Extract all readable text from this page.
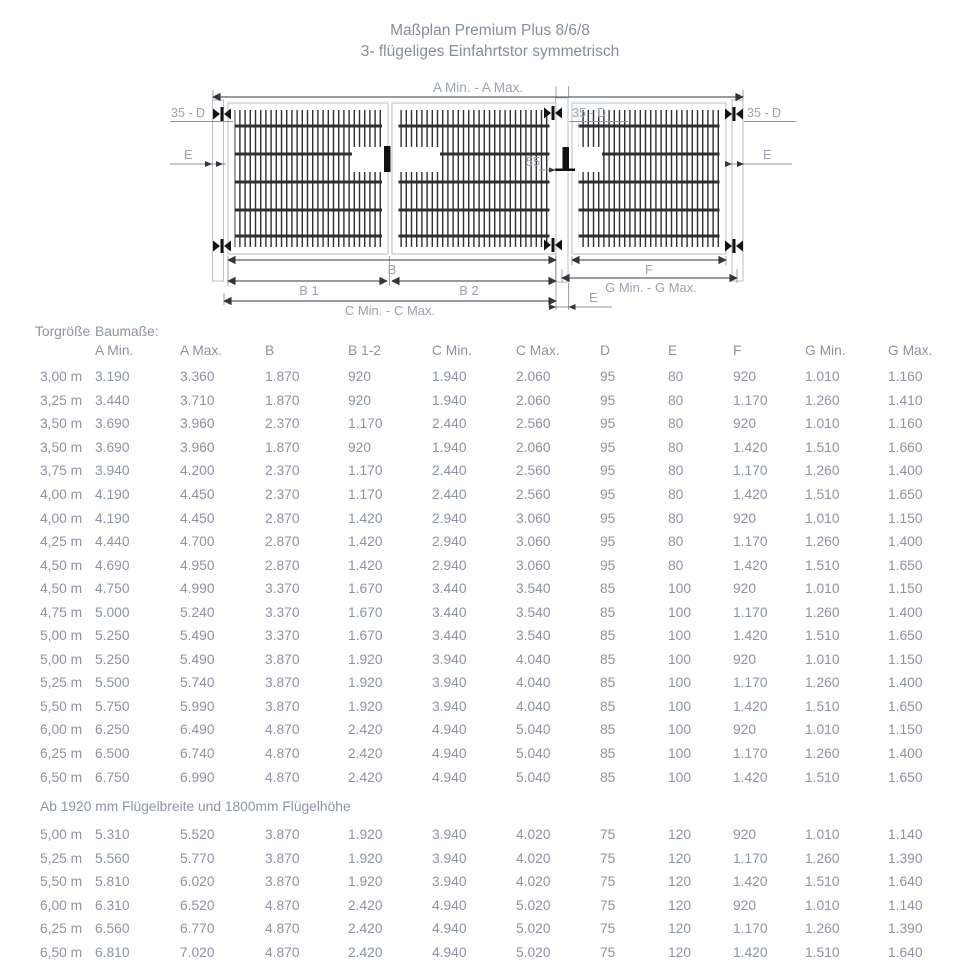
Maßplan Premium Plus 8/6/8
3- flügeliges Einfahrtstor symmetrisch
A Min. - A Max.
35 - D	35 - D	35 - D
E	E
55
B	F
B 1	B 2	G Min. - G Max.
C Min. - C Max.
E
Torgröße Baumaße:
A Min.	A Max.	B	B 1-2	C Min.	C Max.	D	E	F	G Min.	G Max.
3,00 m 3.190	3.360	1.870	920	1.940	2.060	95	80	920	1.010	1.160
3,25 m 3.440	3.710	1.870	920	1.940	2.060	95	80	1.170	1.260	1.410
3,50 m 3.690	3.960	2.370	1.170	2.440	2.560	95	80	920	1.010	1.160
3,50 m 3.690	3.960	1.870	920	1.940	2.060	95	80	1.420	1.510	1.660
3,75 m 3.940	4.200	2.370	1.170	2.440	2.560	95	80	1.170	1.260	1.400
4,00 m 4.190	4.450	2.370	1.170	2.440	2.560	95	80	1.420	1.510	1.650
4,00 m 4.190	4.450	2.870	1.420	2.940	3.060	95	80	920	1.010	1.150
4,25 m 4.440	4.700	2.870	1.420	2.940	3.060	95	80	1.170	1.260	1.400
4,50 m 4.690	4.950	2.870	1.420	2.940	3.060	95	80	1.420	1.510	1.650
4,50 m 4.750	4.990	3.370	1.670	3.440	3.540	85	100	920	1.010	1.150
4,75 m 5.000	5.240	3.370	1.670	3.440	3.540	85	100	1.170	1.260	1.400
5,00 m 5.250	5.490	3.370	1.670	3.440	3.540	85	100	1.420	1.510	1.650
5,00 m 5.250	5.490	3.870	1.920	3.940	4.040	85	100	920	1.010	1.150
5,25 m 5.500	5.740	3.870	1.920	3.940	4.040	85	100	1.170	1.260	1.400
5,50 m 5.750	5.990	3.870	1.920	3.940	4.040	85	100	1.420	1.510	1.650
6,00 m 6.250	6.490	4.870	2.420	4.940	5.040	85	100	920	1.010	1.150
6,25 m 6.500	6.740	4.870	2.420	4.940	5.040	85	100	1.170	1.260	1.400
6,50 m 6.750	6.990	4.870	2.420	4.940	5.040	85	100	1.420	1.510	1.650
Ab 1920 mm Flügelbreite und 1800mm Flügelhöhe
5,00 m 5.310	5.520	3.870	1.920	3.940	4.020	75	120	920	1.010	1.140
5,25 m 5.560	5.770	3.870	1.920	3.940	4.020	75	120	1.170	1.260	1.390
5,50 m 5.810	6.020	3.870	1.920	3.940	4.020	75	120	1.420	1.510	1.640
6,00 m 6.310	6.520	4.870	2.420	4.940	5.020	75	120	920	1.010	1.140
6,25 m 6.560	6.770	4.870	2.420	4.940	5.020	75	120	1.170	1.260	1.390
6,50 m 6.810	7.020	4.870	2.420	4.940	5.020	75	120	1.420	1.510	1.640
